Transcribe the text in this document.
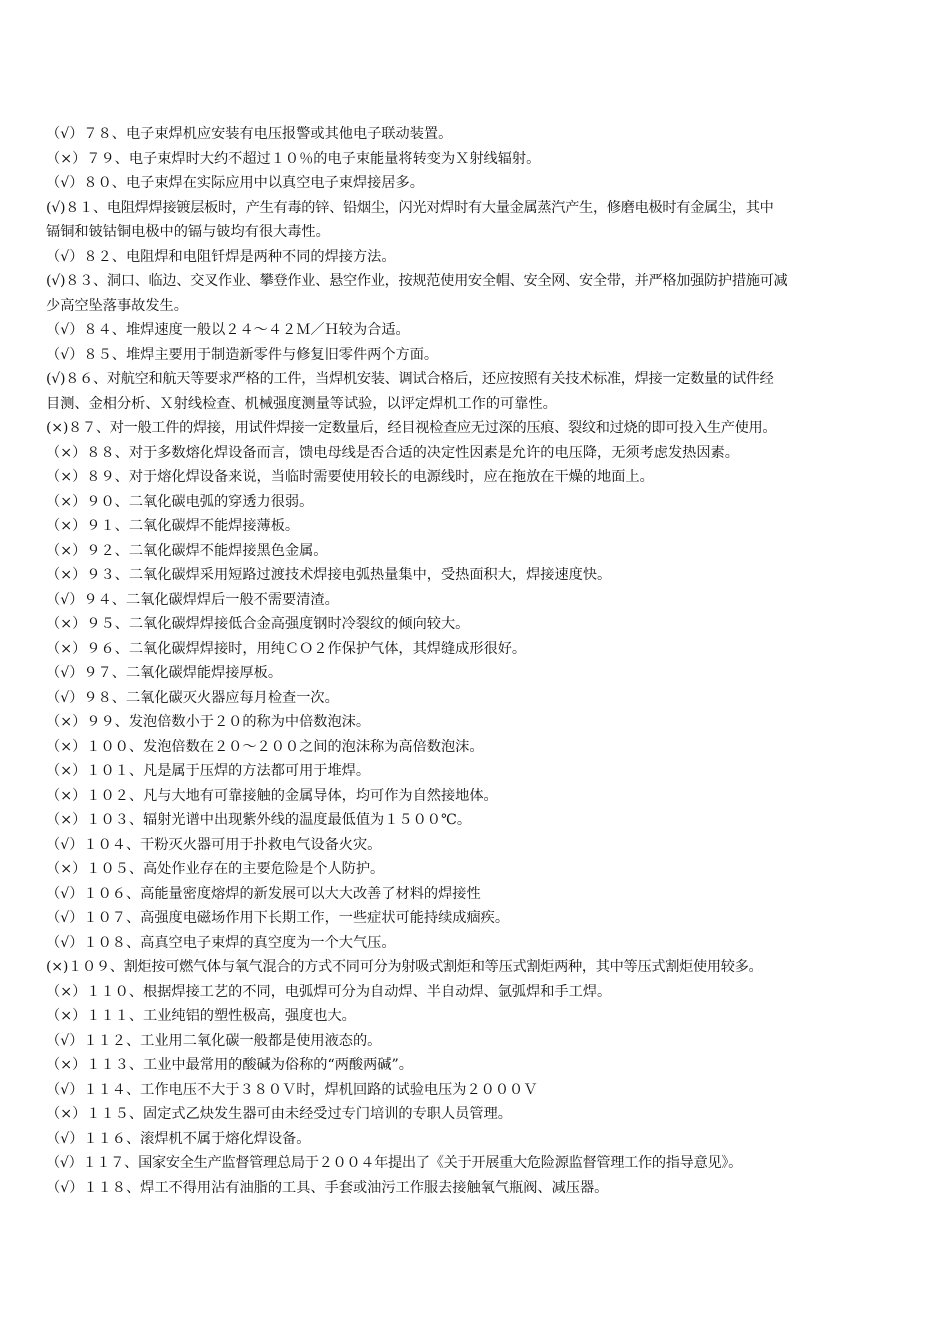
（√）７８、电子束焊机应安装有电压报警或其他电子联动装置。
（×）７９、电子束焊时大约不超过１０％的电子束能量将转变为Ｘ射线辐射。
（√）８０、电子束焊在实际应用中以真空电子束焊接居多。
(√)８１、电阻焊焊接镀层板时，产生有毒的锌、铅烟尘，闪光对焊时有大量金属蒸汽产生，修磨电极时有金属尘，其中
镉铜和铍钴铜电极中的镉与铍均有很大毒性。
（√）８２、电阻焊和电阻钎焊是两种不同的焊接方法。
(√)８３、洞口、临边、交叉作业、攀登作业、悬空作业，按规范使用安全帽、安全网、安全带，并严格加强防护措施可减
少高空坠落事故发生。
（√）８４、堆焊速度一般以２４～４２Ｍ／Ｈ较为合适。
（√）８５、堆焊主要用于制造新零件与修复旧零件两个方面。
(√)８６、对航空和航天等要求严格的工件，当焊机安装、调试合格后，还应按照有关技术标准，焊接一定数量的试件经
目测、金相分析、Ｘ射线检查、机械强度测量等试验，以评定焊机工作的可靠性。
(×)８７、对一般工件的焊接，用试件焊接一定数量后，经目视检查应无过深的压痕、裂纹和过烧的即可投入生产使用。
（×）８８、对于多数熔化焊设备而言，馈电母线是否合适的决定性因素是允许的电压降，无须考虑发热因素。
（×）８９、对于熔化焊设备来说，当临时需要使用较长的电源线时，应在拖放在干燥的地面上。
（×）９０、二氧化碳电弧的穿透力很弱。
（×）９１、二氧化碳焊不能焊接薄板。
（×）９２、二氧化碳焊不能焊接黑色金属。
（×）９３、二氧化碳焊采用短路过渡技术焊接电弧热量集中，受热面积大，焊接速度快。
（√）９４、二氧化碳焊焊后一般不需要清渣。
（×）９５、二氧化碳焊焊接低合金高强度钢时冷裂纹的倾向较大。
（×）９６、二氧化碳焊焊接时，用纯ＣＯ２作保护气体，其焊缝成形很好。
（√）９７、二氧化碳焊能焊接厚板。
（√）９８、二氧化碳灭火器应每月检查一次。
（×）９９、发泡倍数小于２０的称为中倍数泡沫。
（×）１００、发泡倍数在２０～２００之间的泡沫称为高倍数泡沫。
（×）１０１、凡是属于压焊的方法都可用于堆焊。
（×）１０２、凡与大地有可靠接触的金属导体，均可作为自然接地体。
（×）１０３、辐射光谱中出现紫外线的温度最低值为１５００℃。
（√）１０４、干粉灭火器可用于扑救电气设备火灾。
（×）１０５、高处作业存在的主要危险是个人防护。
（√）１０６、高能量密度熔焊的新发展可以大大改善了材料的焊接性
（√）１０７、高强度电磁场作用下长期工作，一些症状可能持续成痼疾。
（√）１０８、高真空电子束焊的真空度为一个大气压。
(×)１０９、割炬按可燃气体与氧气混合的方式不同可分为射吸式割炬和等压式割炬两种，其中等压式割炬使用较多。
（×）１１０、根据焊接工艺的不同，电弧焊可分为自动焊、半自动焊、氩弧焊和手工焊。
（×）１１１、工业纯铝的塑性极高，强度也大。
（√）１１２、工业用二氧化碳一般都是使用液态的。
（×）１１３、工业中最常用的酸碱为俗称的“两酸两碱”。
（√）１１４、工作电压不大于３８０Ｖ时，焊机回路的试验电压为２０００Ｖ
（×）１１５、固定式乙炔发生器可由未经受过专门培训的专职人员管理。
（√）１１６、滚焊机不属于熔化焊设备。
（√）１１７、国家安全生产监督管理总局于２００４年提出了《关于开展重大危险源监督管理工作的指导意见》。
（√）１１８、焊工不得用沾有油脂的工具、手套或油污工作服去接触氧气瓶阀、减压器。
